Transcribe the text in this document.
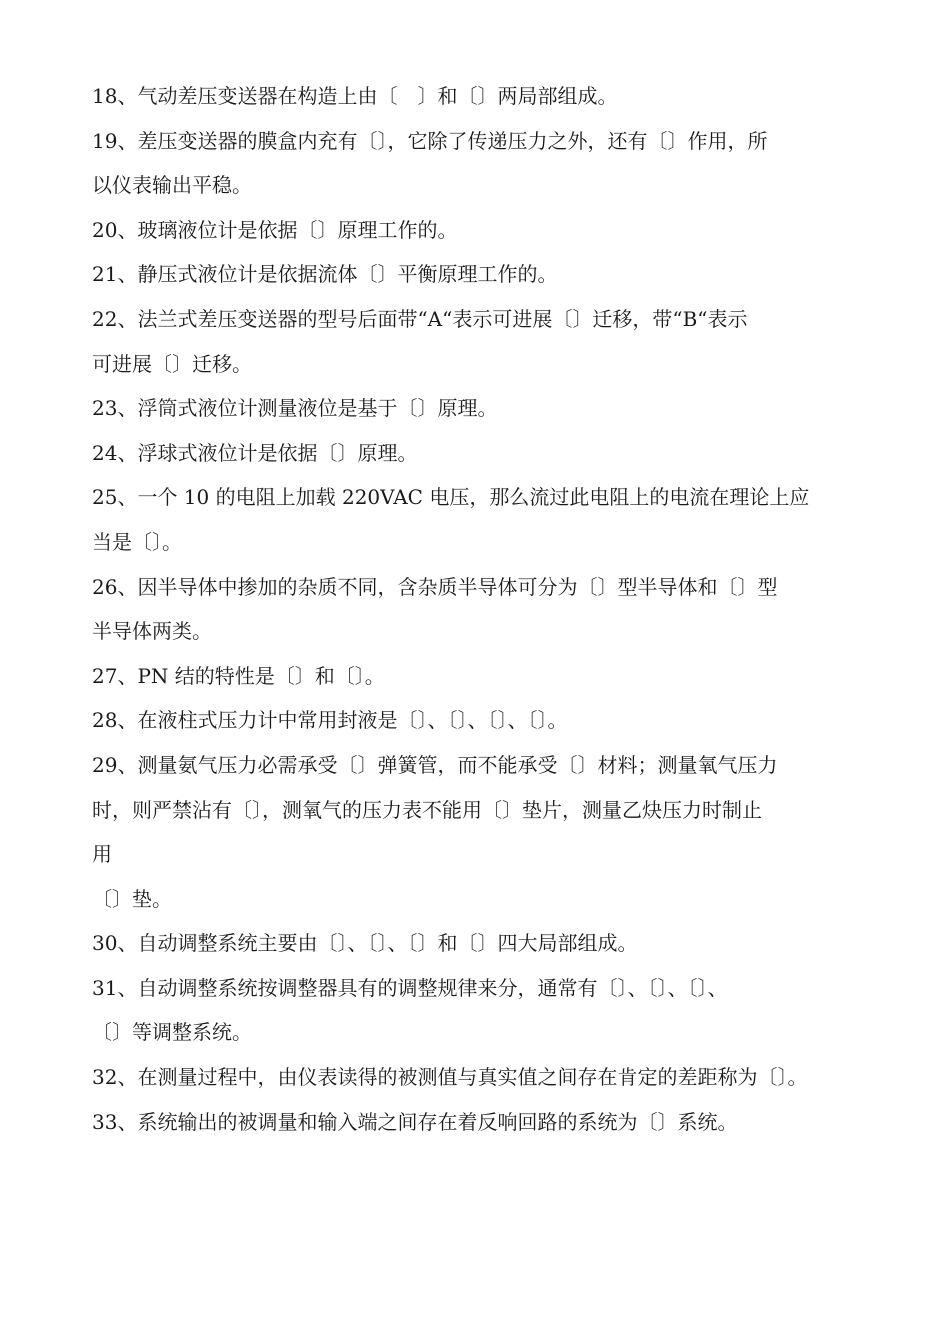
18、气动差压变送器在构造上由〔　〕和〔〕两局部组成。
19、差压变送器的膜盒内充有〔〕，它除了传递压力之外，还有〔〕作用，所
以仪表输出平稳。
20、玻璃液位计是依据〔〕原理工作的。
21、静压式液位计是依据流体〔〕平衡原理工作的。
22、法兰式差压变送器的型号后面带“A“表示可进展〔〕迁移，带“B“表示
可进展〔〕迁移。
23、浮筒式液位计测量液位是基于〔〕原理。
24、浮球式液位计是依据〔〕原理。
25、一个 10 的电阻上加载 220VAC 电压，那么流过此电阻上的电流在理论上应
当是〔〕。
26、因半导体中掺加的杂质不同，含杂质半导体可分为〔〕型半导体和〔〕型
半导体两类。
27、PN 结的特性是〔〕和〔〕。
28、在液柱式压力计中常用封液是〔〕、〔〕、〔〕、〔〕。
29、测量氨气压力必需承受〔〕弹簧管，而不能承受〔〕材料；测量氧气压力
时，则严禁沾有〔〕，测氧气的压力表不能用〔〕垫片，测量乙炔压力时制止
用
〔〕垫。
30、自动调整系统主要由〔〕、〔〕、〔〕和〔〕四大局部组成。
31、自动调整系统按调整器具有的调整规律来分，通常有〔〕、〔〕、〔〕、
〔〕等调整系统。
32、在测量过程中，由仪表读得的被测值与真实值之间存在肯定的差距称为〔〕。
33、系统输出的被调量和输入端之间存在着反响回路的系统为〔〕系统。
